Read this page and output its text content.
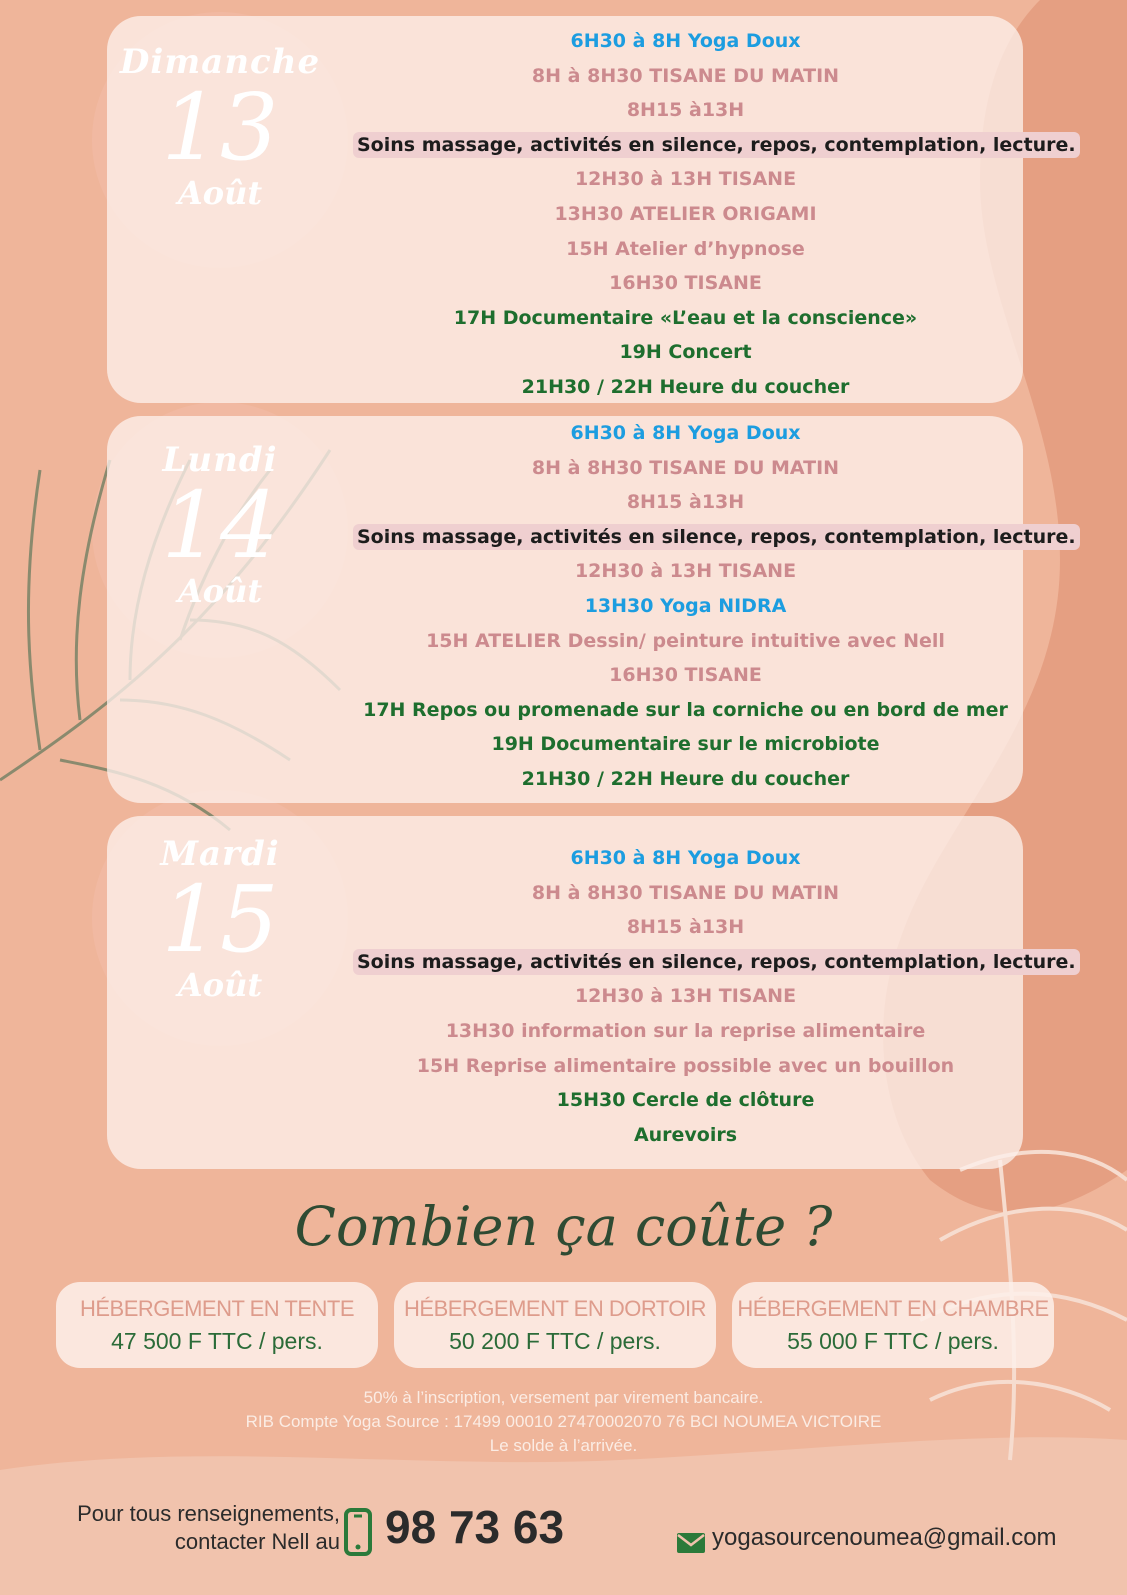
Dimanche
13
Août
6H30 à 8H Yoga Doux
8H à 8H30 TISANE DU MATIN
8H15 à13H
Soins massage, activités en silence, repos, contemplation, lecture.
12H30 à 13H TISANE
13H30 ATELIER ORIGAMI
15H Atelier d’hypnose
16H30 TISANE
17H Documentaire «L’eau et la conscience»
19H Concert
21H30 / 22H Heure du coucher
Lundi
14
Août
6H30 à 8H Yoga Doux
8H à 8H30 TISANE DU MATIN
8H15 à13H
Soins massage, activités en silence, repos, contemplation, lecture.
12H30 à 13H TISANE
13H30 Yoga NIDRA
15H ATELIER Dessin/ peinture intuitive avec Nell
16H30 TISANE
17H Repos ou promenade sur la corniche ou en bord de mer
19H Documentaire sur le microbiote
21H30 / 22H Heure du coucher
Mardi
15
Août
6H30 à 8H Yoga Doux
8H à 8H30 TISANE DU MATIN
8H15 à13H
Soins massage, activités en silence, repos, contemplation, lecture.
12H30 à 13H TISANE
13H30 information sur la reprise alimentaire
15H Reprise alimentaire possible avec un bouillon
15H30 Cercle de clôture
Aurevoirs
Combien ça coûte ?
HÉBERGEMENT EN TENTE
47 500 F TTC / pers.
HÉBERGEMENT EN DORTOIR
50 200 F TTC / pers.
HÉBERGEMENT EN CHAMBRE
55 000 F TTC / pers.
50% à l’inscription, versement par virement bancaire.
RIB Compte Yoga Source : 17499 00010 27470002070 76 BCI NOUMEA VICTOIRE
Le solde à l’arrivée.
Pour tous renseignements,
contacter Nell au 98 73 63	yogasourcenoumea@gmail.com
